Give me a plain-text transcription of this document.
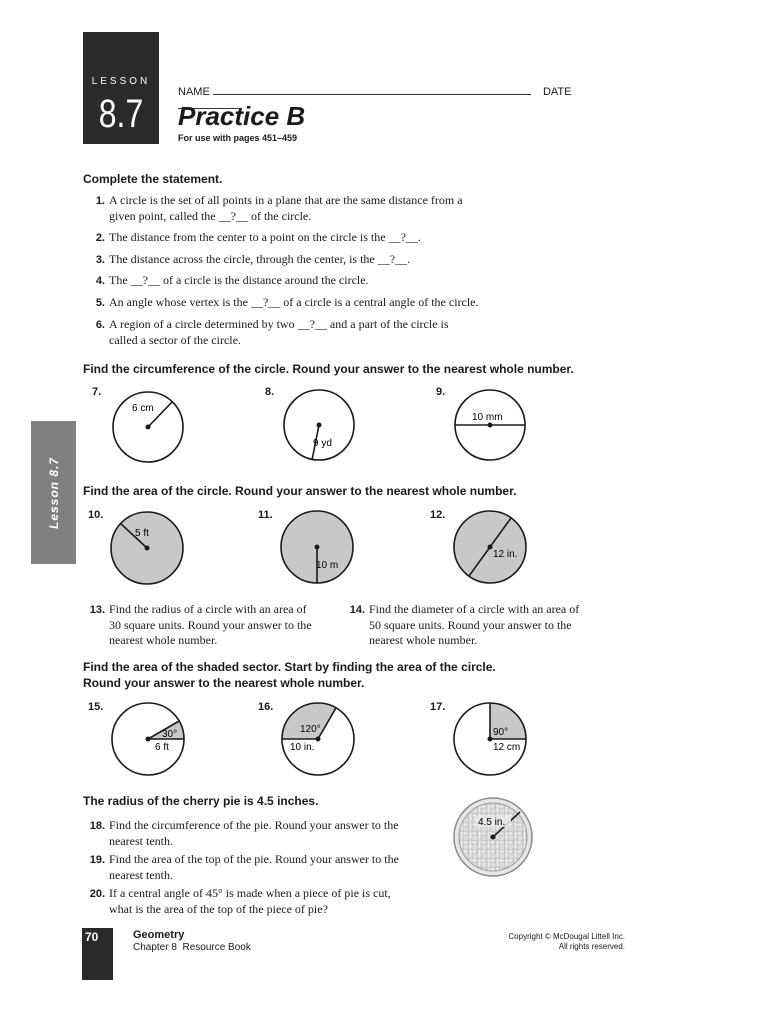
LESSON
8.7	NAME	DATE
Practice B
For use with pages 451–459
Lesson 8.7
Complete the statement.
1. A circle is the set of all points in a plane that are the same distance from a
given point, called the __?__ of the circle.
2. The distance from the center to a point on the circle is the __?__.
3. The distance across the circle, through the center, is the __?__.
4. The __?__ of a circle is the distance around the circle.
5. An angle whose vertex is the __?__ of a circle is a central angle of the circle.
6. A region of a circle determined by two __?__ and a part of the circle is
called a sector of the circle.
Find the circumference of the circle. Round your answer to the nearest whole number.
7.	8.	9.
6 cm
9 yd
10 mm
Find the area of the circle. Round your answer to the nearest whole number.
10.	11.	12.
5 ft
10 m
12 in.
13. Find the radius of a circle with an area of
30 square units. Round your answer to the
nearest whole number.
14. Find the diameter of a circle with an area of
50 square units. Round your answer to the
nearest whole number.
Find the area of the shaded sector. Start by finding the area of the circle.
Round your answer to the nearest whole number.
15.	16.	17.
30°
6 ft
120°
10 in.
90°
12 cm
The radius of the cherry pie is 4.5 inches.
18. Find the circumference of the pie. Round your answer to the
nearest tenth.
19. Find the area of the top of the pie. Round your answer to the
nearest tenth.
20. If a central angle of 45° is made when a piece of pie is cut,
what is the area of the top of the piece of pie?
4.5 in.
70	Geometry
Chapter 8  Resource Book
Copyright © McDougal Littell Inc.
All rights reserved.
